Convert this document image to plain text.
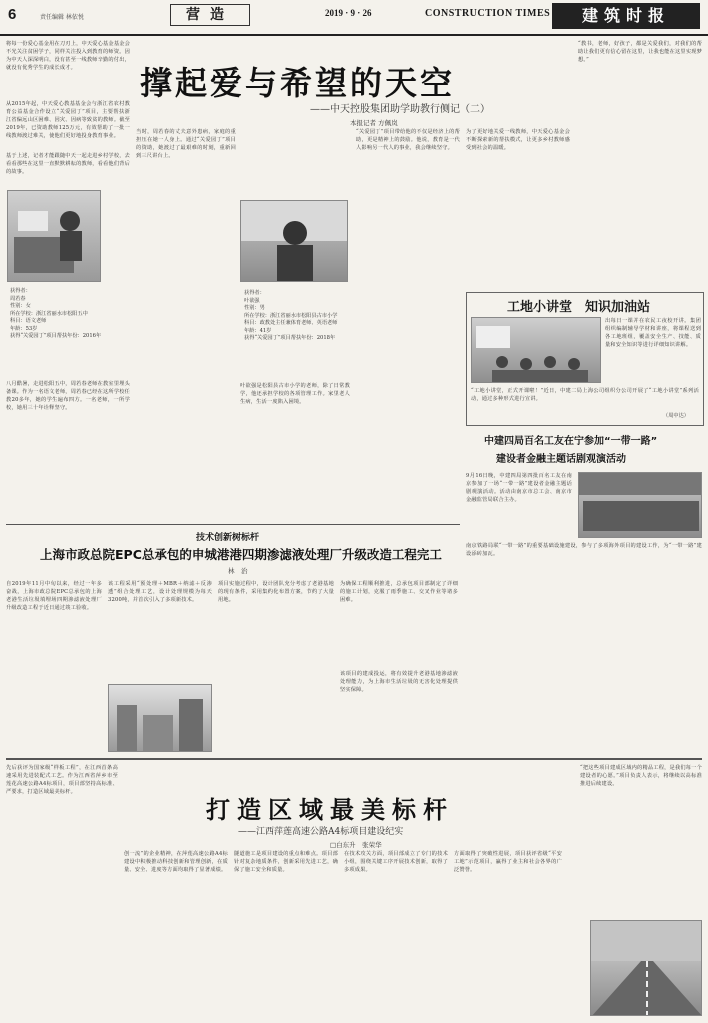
6	责任编辑 林依悦	营造	2019 · 9 · 26	CONSTRUCTION TIMES	建筑时报
撑起爱与希望的天空
——中天控股集团助学助教行侧记（二）
本报记者 方佩岚
将每一份爱心基金用在刀刃上，中天爱心基金基金会不光关注贫困学子，同样关注投入到教育的师资。因为中天人深深明白，没有甚至一线教师辛勤的付出，就没有优秀学生的成长成才。
从2015年起，中天爱心教基基金会与浙江省农村教育公益基金合作设立“关爱园丁”项目，主要帮扶浙江省偏远山区困难、因灾、因病等致贫的教师。截至2019年，已资助教师125万元，有效帮助了一批一线教师渡过难关，使他们更好地投身教育事业。
基于上述，记者才能跟随中天一起走进乡村学校，去看看那些在这里一直默默耕耘的教师，看看他们背后的故事。
获得者：
周若春
性别：女
所在学校：浙江省丽水市松阳五中
科目：语文老师
年龄：53岁
获得“关爱园丁”项目帮扶年份：2016年
八月酷暑，走进松阳五中，周若春老师在教室里埋头备课。作为一名语文老师，周若春已经在这所学校任教20多年，她的学生遍布四方。一名老师，一所学校，她用三十年诠释坚守。
当时，周若春的丈夫意外患病，家庭的重担压在她一人身上。通过“关爱园丁”项目的资助，她渡过了最艰难的时刻，重新回到三尺讲台上。
获得者：
叶欲强
性别：男
所在学校：浙江省丽水市松阳县古市小学
科目：政教处主任兼体育老师、英语老师
年龄：41岁
获得“关爱园丁”项目帮扶年份：2018年
叶欲强是松阳县古市小学的老师，除了日常教学，他还承担学校的各项管理工作。家里老人生病，生活一度陷入困境。
“关爱园丁”项目带给他的不仅是经济上的帮助，更是精神上的鼓励。他说，教育是一代人影响另一代人的事业，我会继续坚守。
为了更好地关爱一线教师，中天爱心基金会不断探索新的帮扶模式，让更多乡村教师感受到社会的温暖。
“教书，老师，好孩子，都是关爱我们，对我们的帮助让我们更有信心留在这里，让我也能在这里实现梦想。”
工地小讲堂　知识加油站
出每日一课并在农民工夜校开讲。集团组织编制辅导学材和讲座，将课程送到各工地班组，覆盖安全生产、技能、质量和安全知识等进行详细知识讲解。
“工地小讲堂，正式开课啦！”近日，中建二局上海公司组织分公司开展了“工地小讲堂”系列活动，通过多种形式进行宣讲。
（周中达）
中建四局百名工友在宁参加“一带一路”
建设者金融主题话剧观演活动
9月16日晚，中建四局第四批百名工友在南京参加了一场“一带一路”建设者金融主题话剧观演活动。活动由南京市总工会、南京市金融监管局联合主办。
南京铁路局联“一带一路”的重要基础设施建设，参与了多项海外项目的建设工作，为“一带一路”建设添砖加瓦。
技术创新树标杆
上海市政总院EPC总承包的申城港港四期渗滤液处理厂升级改造工程完工
林　治
自2019年11月中旬以来，经过一年多奋战，上海市政总院EPC总承包的上海老港生活垃圾填埋场四期渗滤液处理厂升级改造工程于近日通过竣工验收。
该工程采用“预处理＋MBR＋纳滤＋反渗透”组合处理工艺，设计处理规模为每天3200吨，并首次引入了多项新技术。
项目实施过程中，设计团队充分考虑了老港基地的现有条件，采用集约化布置方案，节约了大量用地。
为确保工程顺利推进，总承包项目部制定了详细的施工计划，克服了雨季施工、交叉作业等诸多困难。
该项目的建成投运，将有效提升老港基地渗滤液处理能力，为上海市生活垃圾的无害化处理提供坚实保障。
先后获评为国家级“样板工程”，在江西首条高速采用先进装配式工艺。作为江西省萍乡市至莲花高速公路A4标项目，项目部坚持高标准、严要求，打造区域最美标杆。
打造区域最美标杆
——江西萍莲高速公路A4标项目建设纪实
□白东升　张荣华
创一流”的企业精神，在萍莲高速公路A4标建设中积极推动科技创新和管理创新，在质量、安全、进度等方面均取得了显著成绩。
隧道施工是项目建设的重点和难点。项目部针对复杂地质条件，创新采用先进工艺，确保了施工安全和质量。
在技术攻关方面，项目部成立了专门的技术小组，围绕关键工序开展技术创新，取得了多项成果。
方面取得了突破性进展，项目获评省级“平安工地”示范项目，赢得了业主和社会各界的广泛赞誉。
“把这些项目建成区域内的精品工程，是我们每一个建设者的心愿。”项目负责人表示，将继续以高标准推进后续建设。
